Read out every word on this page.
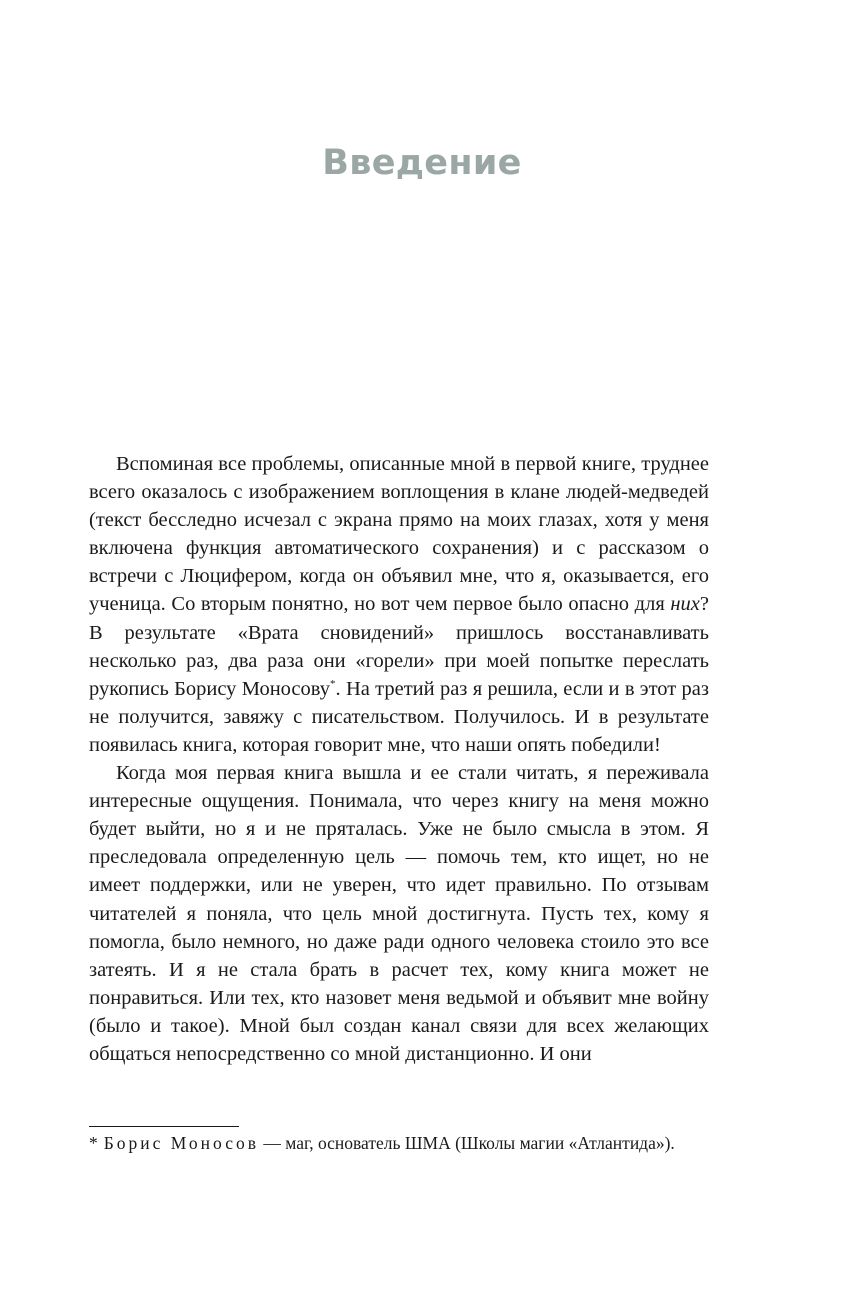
Введение

Вспоминая все проблемы, описанные мной в первой книге, труднее всего оказалось с изображением воплощения в клане людей-медведей (текст бесследно исчезал с экрана прямо на моих глазах, хотя у меня включена функция автоматического сохранения) и с рассказом о встречи с Люцифером, когда он объявил мне, что я, оказывается, его ученица. Со вторым понятно, но вот чем первое было опасно для них? В результате «Врата сновидений» пришлось восстанавливать несколько раз, два раза они «горели» при моей попытке переслать рукопись Борису Моносову*. На третий раз я решила, если и в этот раз не получится, завяжу с писательством. Получилось. И в результате появилась книга, которая говорит мне, что наши опять победили!

Когда моя первая книга вышла и ее стали читать, я переживала интересные ощущения. Понимала, что через книгу на меня можно будет выйти, но я и не пряталась. Уже не было смысла в этом. Я преследовала определенную цель — помочь тем, кто ищет, но не имеет поддержки, или не уверен, что идет правильно. По отзывам читателей я поняла, что цель мной достигнута. Пусть тех, кому я помогла, было немного, но даже ради одного человека стоило это все затеять. И я не стала брать в расчет тех, кому книга может не понравиться. Или тех, кто назовет меня ведьмой и объявит мне войну (было и такое). Мной был создан канал связи для всех желающих общаться непосредственно со мной дистанционно. И они

* Борис Моносов — маг, основатель ШМА (Школы магии «Атлантида»).
